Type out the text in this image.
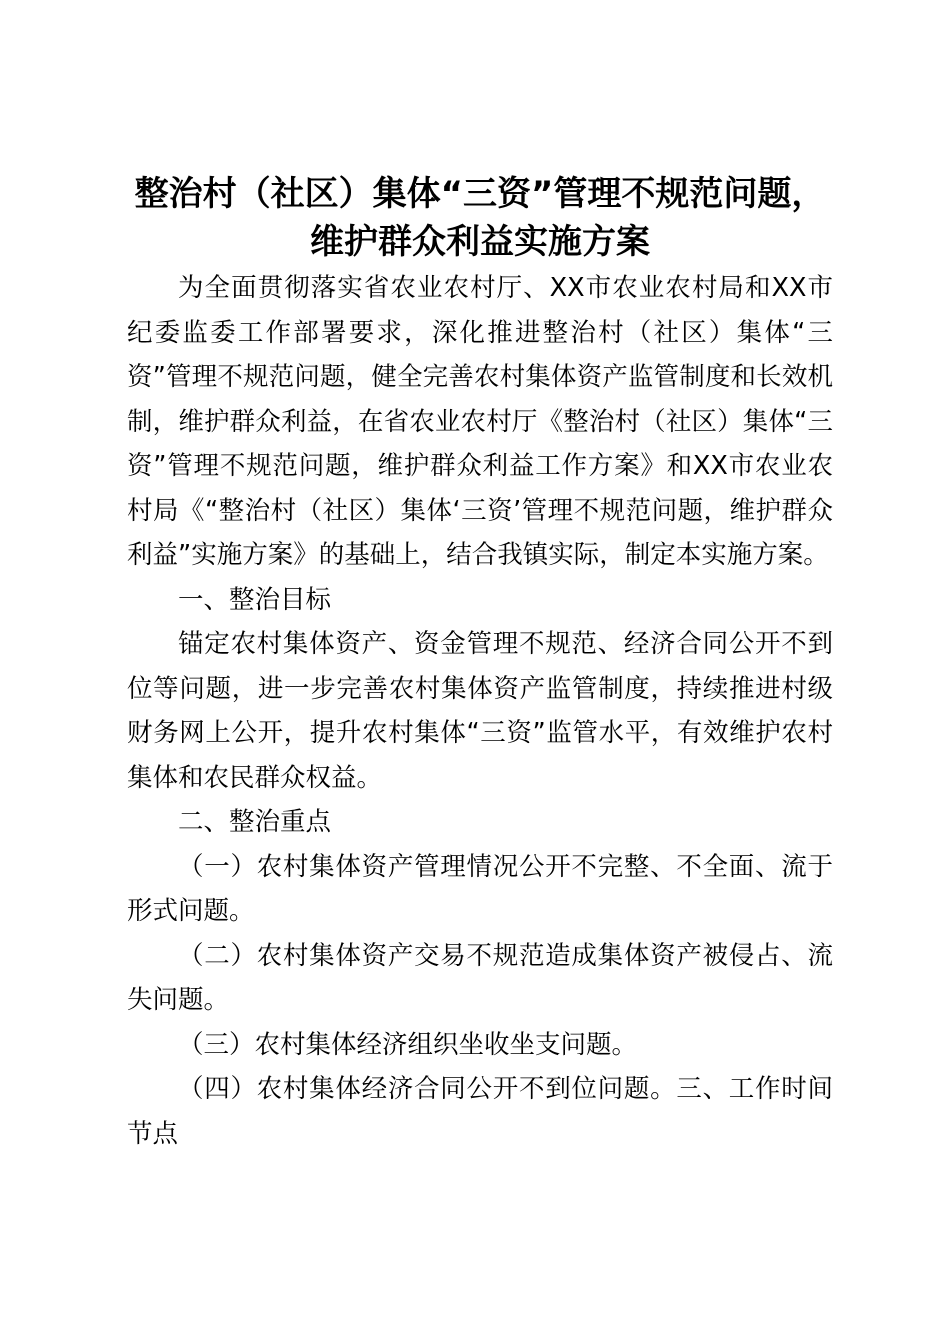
整治村（社区）集体“三资”管理不规范问题，
维护群众利益实施方案

为全面贯彻落实省农业农村厅、XX市农业农村局和XX市纪委监委工作部署要求，深化推进整治村（社区）集体“三资”管理不规范问题，健全完善农村集体资产监管制度和长效机制，维护群众利益，在省农业农村厅《整治村（社区）集体“三资”管理不规范问题，维护群众利益工作方案》和XX市农业农村局《“整治村（社区）集体‘三资’管理不规范问题，维护群众利益”实施方案》的基础上，结合我镇实际，制定本实施方案。

一、整治目标

锚定农村集体资产、资金管理不规范、经济合同公开不到位等问题，进一步完善农村集体资产监管制度，持续推进村级财务网上公开，提升农村集体“三资”监管水平，有效维护农村集体和农民群众权益。

二、整治重点

（一）农村集体资产管理情况公开不完整、不全面、流于形式问题。

（二）农村集体资产交易不规范造成集体资产被侵占、流失问题。

（三）农村集体经济组织坐收坐支问题。

（四）农村集体经济合同公开不到位问题。三、工作时间节点
